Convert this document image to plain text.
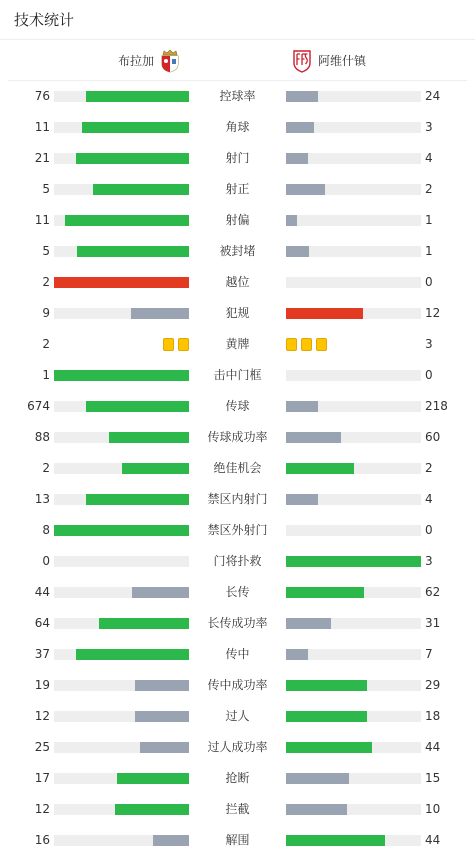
技术统计
布拉加	阿维什镇
76	控球率	24
11	角球	3
21	射门	4
5	射正	2
11	射偏	1
5	被封堵	1
2	越位	0
9	犯规	12
2	黄牌	3
1	击中门框	0
674	传球	218
88	传球成功率	60
2	绝佳机会	2
13	禁区内射门	4
8	禁区外射门	0
0	门将扑救	3
44	长传	62
64	长传成功率	31
37	传中	7
19	传中成功率	29
12	过人	18
25	过人成功率	44
17	抢断	15
12	拦截	10
16	解围	44
